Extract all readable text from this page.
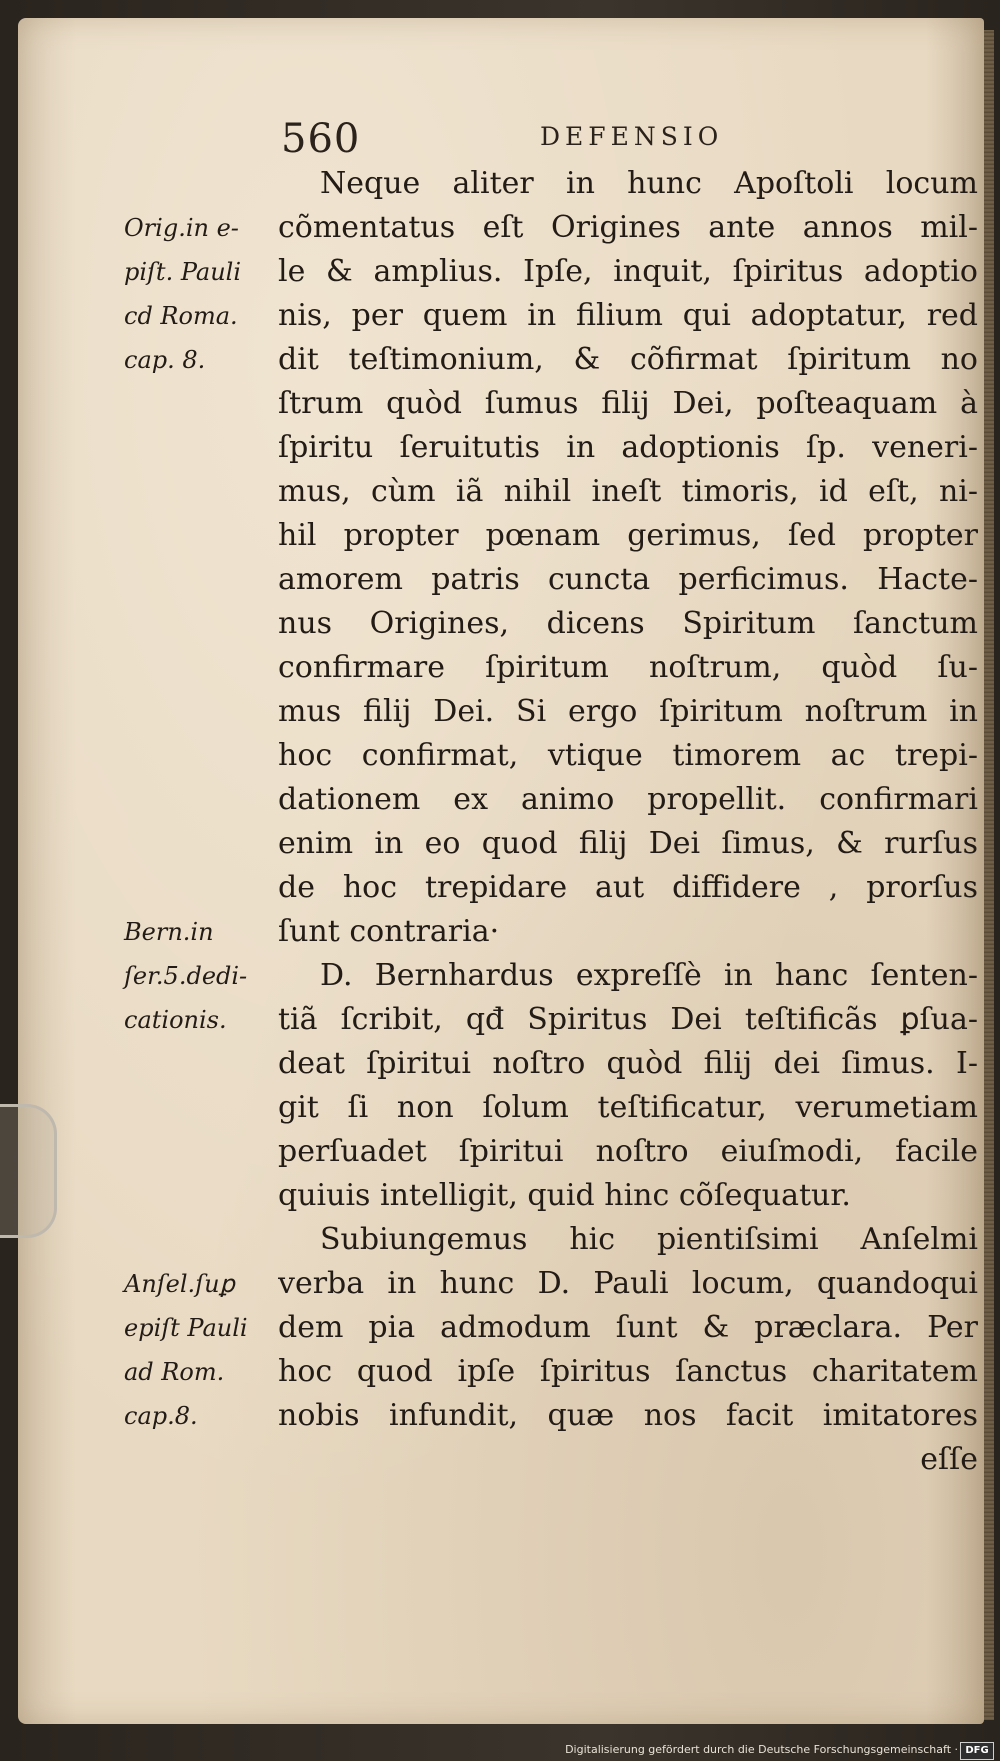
560	DEFENSIO
Neque aliter in hunc Apoſtoli locum
cõmentatus eſt Origines ante annos mil-
le & amplius. Ipſe, inquit, ſpiritus adoptio
nis, per quem in filium qui adoptatur, red
dit teſtimonium, & cõfirmat ſpiritum no
ſtrum quòd ſumus filij Dei, poſteaquam à
ſpiritu ſeruitutis in adoptionis ſp. veneri-
mus, cùm iã nihil ineſt timoris, id eſt, ni-
hil propter pœnam gerimus, ſed propter
amorem patris cuncta perficimus. Hacte-
nus Origines, dicens Spiritum ſanctum
confirmare ſpiritum noſtrum, quòd ſu-
mus filij Dei. Si ergo ſpiritum noſtrum in
hoc confirmat, vtique timorem ac trepi-
dationem ex animo propellit. confirmari
enim in eo quod filij Dei ſimus, & rurſus
de hoc trepidare aut diffidere , prorſus
ſunt contraria·
D. Bernhardus expreſſè in hanc ſenten-
tiã ſcribit, qđ Spiritus Dei teſtificãs ꝑſua-
deat ſpiritui noſtro quòd filij dei ſimus. I-
git ſi non ſolum teſtificatur, verumetiam
perſuadet ſpiritui noſtro eiuſmodi, facile
quiuis intelligit, quid hinc cõſequatur.
Subiungemus hic pientiſsimi Anſelmi
verba in hunc D. Pauli locum, quandoqui
dem pia admodum ſunt & præclara. Per
hoc quod ipſe ſpiritus ſanctus charitatem
nobis infundit, quæ nos facit imitatores
eſſe
Orig.in e-
piſt. Pauli
cd Roma.
cap. 8.
Bern.in
ſer.5.dedi-
cationis.
Anſel.ſuꝑ
epiſt Pauli
ad Rom.
cap.8.
Digitalisierung gefördert durch die Deutsche Forschungsgemeinschaft · DFG
